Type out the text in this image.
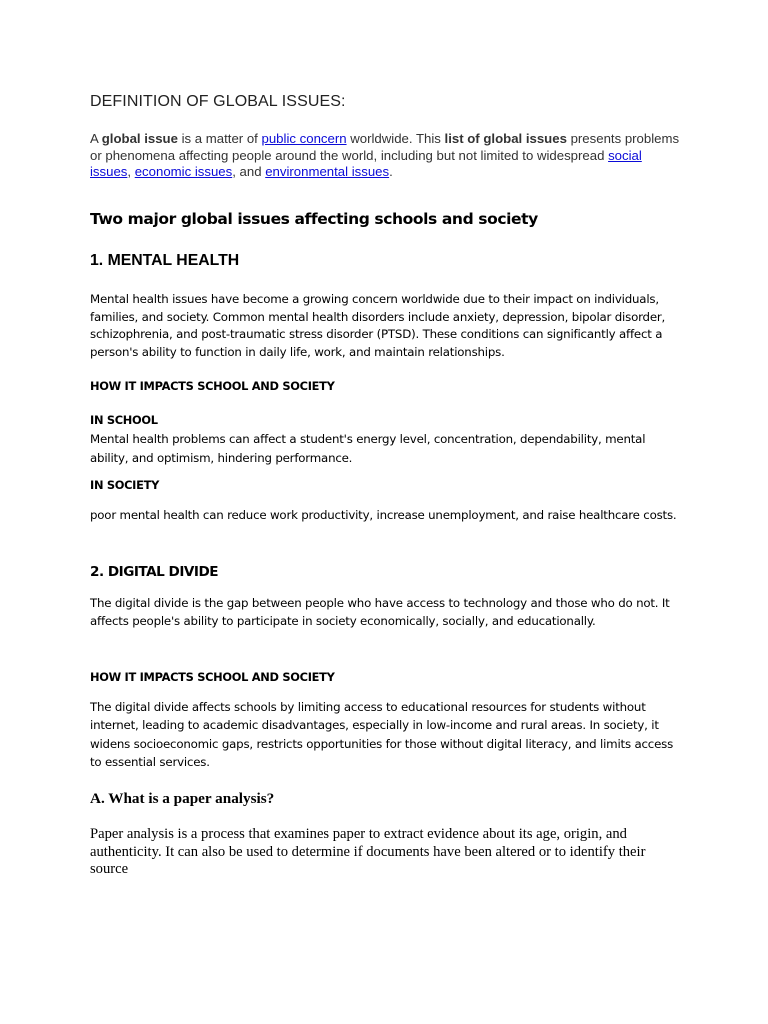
DEFINITION OF GLOBAL ISSUES:

A global issue is a matter of public concern worldwide. This list of global issues presents problems or phenomena affecting people around the world, including but not limited to widespread social issues, economic issues, and environmental issues.

Two major global issues affecting schools and society
1. MENTAL HEALTH

Mental health issues have become a growing concern worldwide due to their impact on individuals, families, and society. Common mental health disorders include anxiety, depression, bipolar disorder, schizophrenia, and post-traumatic stress disorder (PTSD). These conditions can significantly affect a person's ability to function in daily life, work, and maintain relationships.

HOW IT IMPACTS SCHOOL AND SOCIETY
IN SCHOOL

Mental health problems can affect a student's energy level, concentration, dependability, mental ability, and optimism, hindering performance.

IN SOCIETY

poor mental health can reduce work productivity, increase unemployment, and raise healthcare costs.

2. DIGITAL DIVIDE

The digital divide is the gap between people who have access to technology and those who do not. It affects people's ability to participate in society economically, socially, and educationally.

HOW IT IMPACTS SCHOOL AND SOCIETY

The digital divide affects schools by limiting access to educational resources for students without internet, leading to academic disadvantages, especially in low-income and rural areas. In society, it widens socioeconomic gaps, restricts opportunities for those without digital literacy, and limits access to essential services.

A. What is a paper analysis?

Paper analysis is a process that examines paper to extract evidence about its age, origin, and authenticity. It can also be used to determine if documents have been altered or to identify their source
